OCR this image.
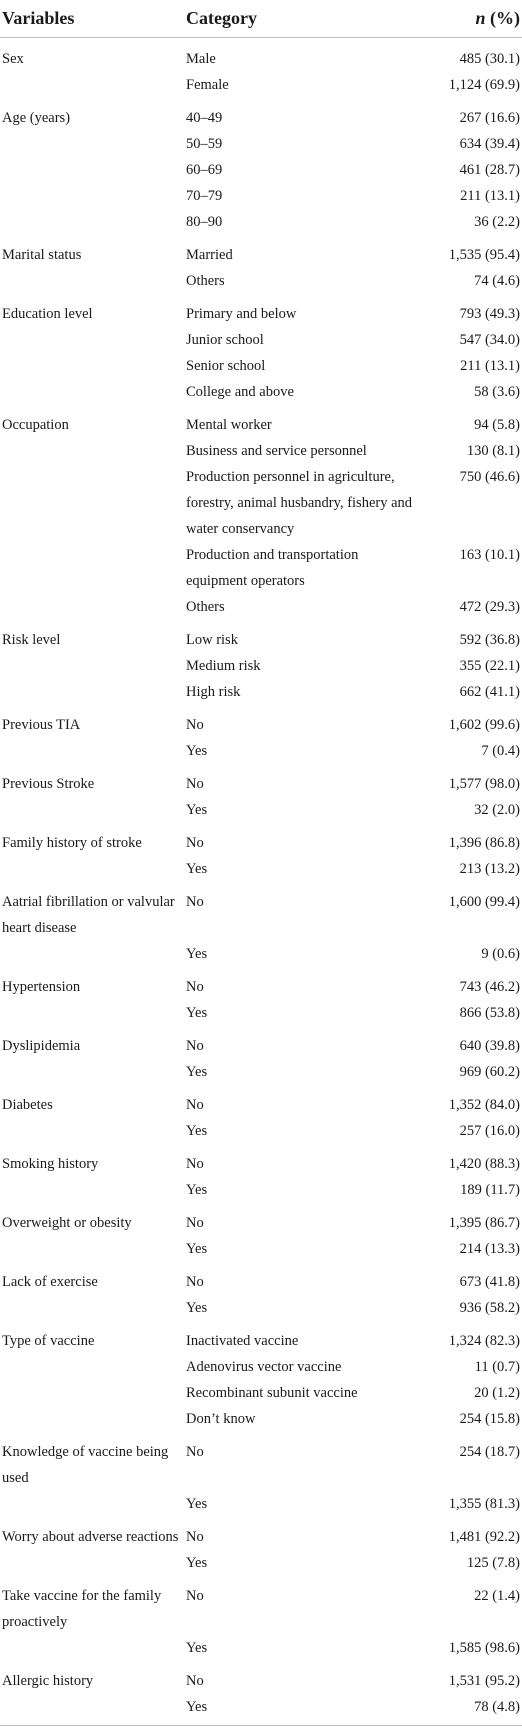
Variables	Category	n (%)
Sex	Male	485 (30.1)
	Female	1,124 (69.9)
Age (years)	40–49	267 (16.6)
	50–59	634 (39.4)
	60–69	461 (28.7)
	70–79	211 (13.1)
	80–90	36 (2.2)
Marital status	Married	1,535 (95.4)
	Others	74 (4.6)
Education level	Primary and below	793 (49.3)
	Junior school	547 (34.0)
	Senior school	211 (13.1)
	College and above	58 (3.6)
Occupation	Mental worker	94 (5.8)
	Business and service personnel	130 (8.1)
	Production personnel in agriculture, forestry, animal husbandry, fishery and water conservancy	750 (46.6)
	Production and transportation equipment operators	163 (10.1)
	Others	472 (29.3)
Risk level	Low risk	592 (36.8)
	Medium risk	355 (22.1)
	High risk	662 (41.1)
Previous TIA	No	1,602 (99.6)
	Yes	7 (0.4)
Previous Stroke	No	1,577 (98.0)
	Yes	32 (2.0)
Family history of stroke	No	1,396 (86.8)
	Yes	213 (13.2)
Aatrial fibrillation or valvular heart disease	No	1,600 (99.4)
	Yes	9 (0.6)
Hypertension	No	743 (46.2)
	Yes	866 (53.8)
Dyslipidemia	No	640 (39.8)
	Yes	969 (60.2)
Diabetes	No	1,352 (84.0)
	Yes	257 (16.0)
Smoking history	No	1,420 (88.3)
	Yes	189 (11.7)
Overweight or obesity	No	1,395 (86.7)
	Yes	214 (13.3)
Lack of exercise	No	673 (41.8)
	Yes	936 (58.2)
Type of vaccine	Inactivated vaccine	1,324 (82.3)
	Adenovirus vector vaccine	11 (0.7)
	Recombinant subunit vaccine	20 (1.2)
	Don’t know	254 (15.8)
Knowledge of vaccine being used	No	254 (18.7)
	Yes	1,355 (81.3)
Worry about adverse reactions	No	1,481 (92.2)
	Yes	125 (7.8)
Take vaccine for the family proactively	No	22 (1.4)
	Yes	1,585 (98.6)
Allergic history	No	1,531 (95.2)
	Yes	78 (4.8)
